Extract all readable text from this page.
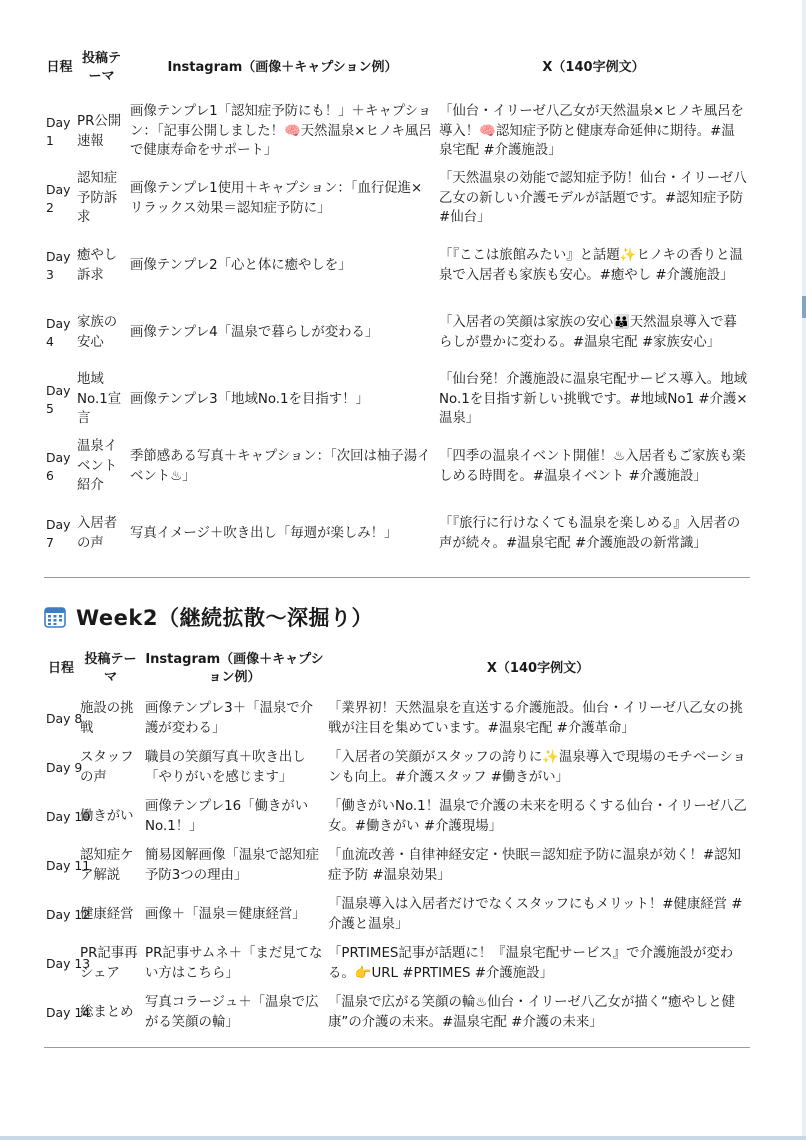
日程	投稿テーマ	Instagram（画像＋キャプション例）	X（140字例文）
Day1	PR公開速報	画像テンプレ1「認知症予防にも！」＋キャプション：「記事公開しました！🧠天然温泉×ヒノキ風呂で健康寿命をサポート」	「仙台・イリーゼ八乙女が天然温泉×ヒノキ風呂を導入！🧠認知症予防と健康寿命延伸に期待。#温泉宅配 #介護施設」
Day2	認知症予防訴求	画像テンプレ1使用＋キャプション：「血行促進×リラックス効果＝認知症予防に」	「天然温泉の効能で認知症予防！仙台・イリーゼ八乙女の新しい介護モデルが話題です。#認知症予防 #仙台」
Day3	癒やし訴求	画像テンプレ2「心と体に癒やしを」	「『ここは旅館みたい』と話題✨ヒノキの香りと温泉で入居者も家族も安心。#癒やし #介護施設」
Day4	家族の安心	画像テンプレ4「温泉で暮らしが変わる」	「入居者の笑顔は家族の安心👪天然温泉導入で暮らしが豊かに変わる。#温泉宅配 #家族安心」
Day5	地域No.1宣言	画像テンプレ3「地域No.1を目指す！」	「仙台発！介護施設に温泉宅配サービス導入。地域No.1を目指す新しい挑戦です。#地域No1 #介護×温泉」
Day6	温泉イベント紹介	季節感ある写真＋キャプション：「次回は柚子湯イベント♨」	「四季の温泉イベント開催！♨入居者もご家族も楽しめる時間を。#温泉イベント #介護施設」
Day7	入居者の声	写真イメージ＋吹き出し「毎週が楽しみ！」	「『旅行に行けなくても温泉を楽しめる』入居者の声が続々。#温泉宅配 #介護施設の新常識」
Week2（継続拡散〜深掘り）
日程	投稿テーマ	Instagram（画像＋キャプション例）	X（140字例文）
Day 8	施設の挑戦	画像テンプレ3＋「温泉で介護が変わる」	「業界初！天然温泉を直送する介護施設。仙台・イリーゼ八乙女の挑戦が注目を集めています。#温泉宅配 #介護革命」
Day 9	スタッフの声	職員の笑顔写真＋吹き出し「やりがいを感じます」	「入居者の笑顔がスタッフの誇りに✨温泉導入で現場のモチベーションも向上。#介護スタッフ #働きがい」
Day 10	働きがい	画像テンプレ16「働きがいNo.1！」	「働きがいNo.1！温泉で介護の未来を明るくする仙台・イリーゼ八乙女。#働きがい #介護現場」
Day 11	認知症ケア解説	簡易図解画像「温泉で認知症予防3つの理由」	「血流改善・自律神経安定・快眠＝認知症予防に温泉が効く！#認知症予防 #温泉効果」
Day 12	健康経営	画像＋「温泉＝健康経営」	「温泉導入は入居者だけでなくスタッフにもメリット！#健康経営 #介護と温泉」
Day 13	PR記事再シェア	PR記事サムネ＋「まだ見てない方はこちら」	「PRTIMES記事が話題に！『温泉宅配サービス』で介護施設が変わる。👉URL #PRTIMES #介護施設」
Day 14	総まとめ	写真コラージュ＋「温泉で広がる笑顔の輪」	「温泉で広がる笑顔の輪♨仙台・イリーゼ八乙女が描く“癒やしと健康”の介護の未来。#温泉宅配 #介護の未来」
